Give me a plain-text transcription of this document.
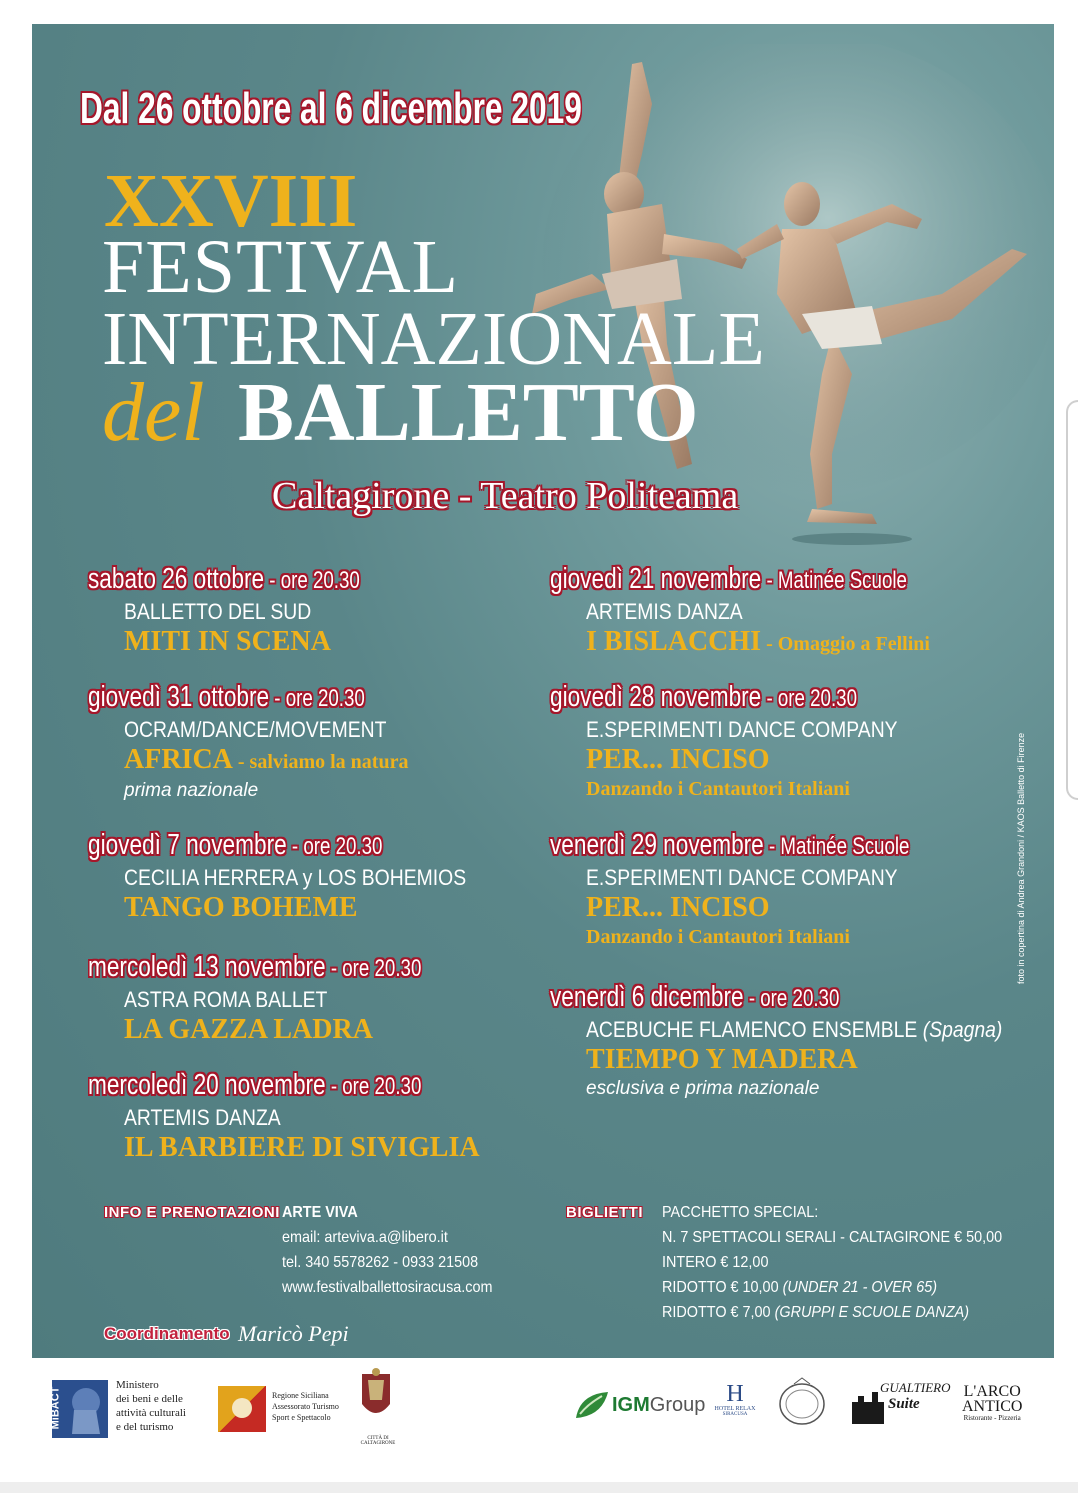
Dal 26 ottobre al 6 dicembre 2019
XXVIII
FESTIVAL
INTERNAZIONALE
del BALLETTO
Caltagirone - Teatro Politeama
sabato 26 ottobre - ore 20.30
BALLETTO DEL SUD
MITI IN SCENA
giovedì 31 ottobre - ore 20.30
OCRAM/DANCE/MOVEMENT
AFRICA - salviamo la natura
prima nazionale
giovedì 7 novembre - ore 20.30
CECILIA HERRERA y LOS BOHEMIOS
TANGO BOHEME
mercoledì 13 novembre - ore 20.30
ASTRA ROMA BALLET
LA GAZZA LADRA
mercoledì 20 novembre - ore 20.30
ARTEMIS DANZA
IL BARBIERE DI SIVIGLIA
giovedì 21 novembre - Matinée Scuole
ARTEMIS DANZA
I BISLACCHI - Omaggio a Fellini
giovedì 28 novembre - ore 20.30
E.SPERIMENTI DANCE COMPANY
PER... INCISO
Danzando i Cantautori Italiani
venerdì 29 novembre - Matinée Scuole
E.SPERIMENTI DANCE COMPANY
PER... INCISO
Danzando i Cantautori Italiani
venerdì 6 dicembre - ore 20.30
ACEBUCHE FLAMENCO ENSEMBLE (Spagna)
TIEMPO Y MADERA
esclusiva e prima nazionale
foto in copertina di Andrea Grandoni / KAOS Balletto di Firenze
INFO E PRENOTAZIONI ARTE VIVA
email: arteviva.a@libero.it
tel. 340 5578262 - 0933 21508
www.festivalballettosiracusa.com
BIGLIETTI PACCHETTO SPECIAL:
N. 7 SPETTACOLI SERALI - CALTAGIRONE € 50,00
INTERO € 12,00
RIDOTTO € 10,00 (UNDER 21 - OVER 65)
RIDOTTO € 7,00 (GRUPPI E SCUOLE DANZA)
Coordinamento Maricò Pepi
MiBACT
Ministero
dei beni e delle
attività culturali
e del turismo
Regione Siciliana
Assessorato Turismo
Sport e Spettacolo
CITTÀ DI CALTAGIRONE
IGMGroup H
HOTEL RELAX
SIRACUSA
GUALTIERO
Suite
L'ARCO
ANTICO
Ristorante - Pizzeria
